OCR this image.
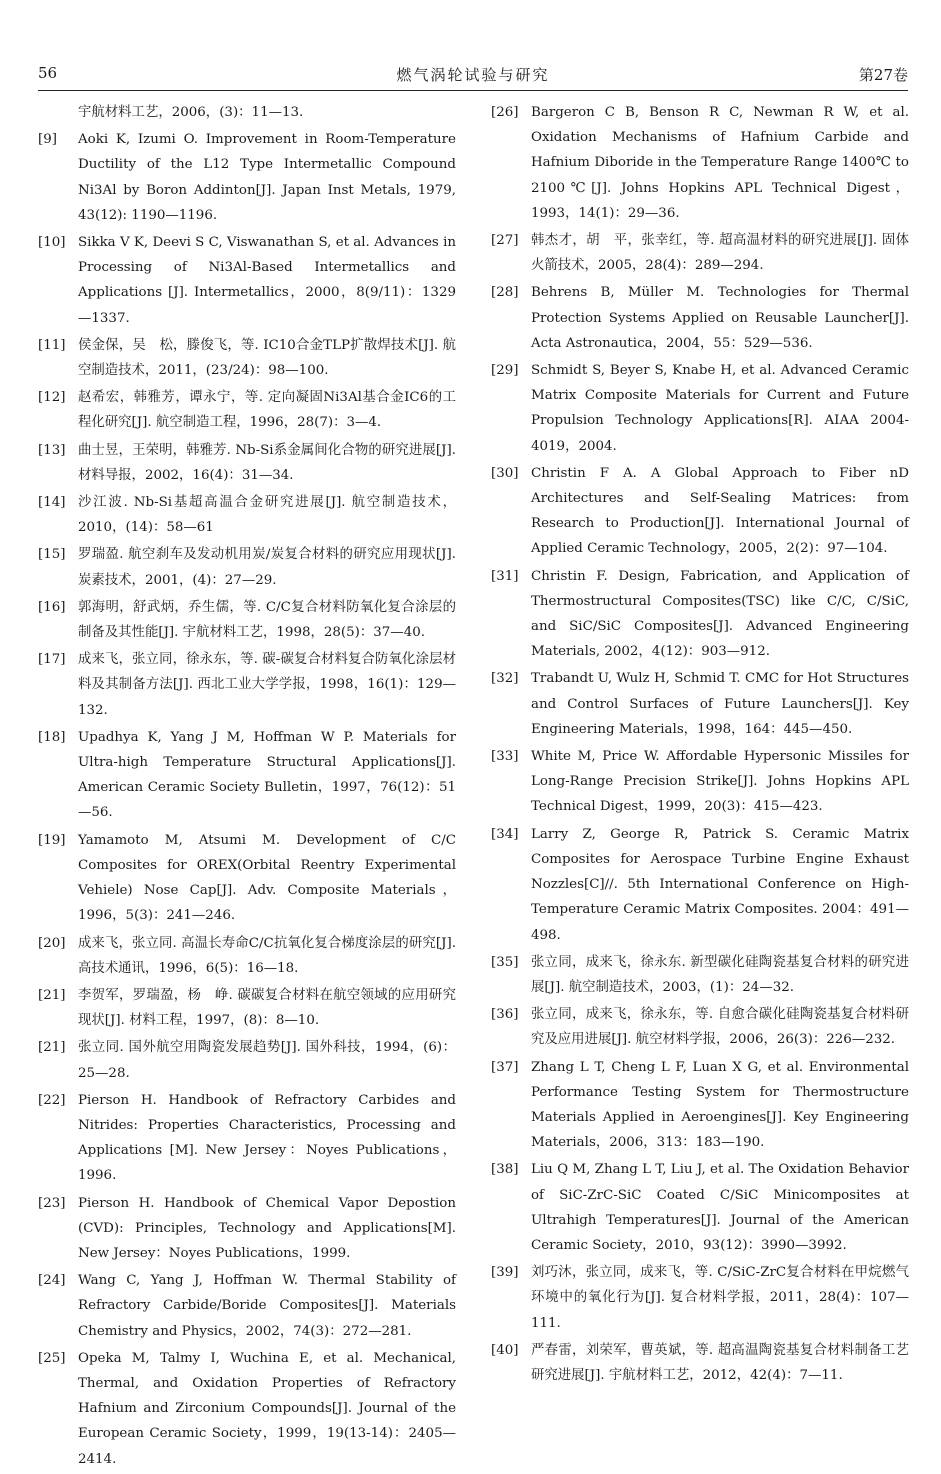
56	燃气涡轮试验与研究	第27卷
宇航材料工艺，2006，(3)：11—13.
[9] Aoki K, Izumi O. Improvement in Room-Temperature Ductility of the L12 Type Intermetallic Compound Ni3Al by Boron Addinton[J]. Japan Inst Metals, 1979, 43(12): 1190—1196.
[10] Sikka V K, Deevi S C, Viswanathan S, et al. Advances in Processing of Ni3Al-Based Intermetallics and Applications [J]. Intermetallics，2000，8(9/11)：1329—1337.
[11] 侯金保，吴　松，滕俊飞，等. IC10合金TLP扩散焊技术[J]. 航空制造技术，2011，(23/24)：98—100.
[12] 赵希宏，韩雅芳，谭永宁，等. 定向凝固Ni3Al基合金IC6的工程化研究[J]. 航空制造工程，1996，28(7)：3—4.
[13] 曲士昱，王荣明，韩雅芳. Nb-Si系金属间化合物的研究进展[J]. 材料导报，2002，16(4)：31—34.
[14] 沙江波. Nb-Si基超高温合金研究进展[J]. 航空制造技术，2010，(14)：58—61
[15] 罗瑞盈. 航空刹车及发动机用炭/炭复合材料的研究应用现状[J]. 炭素技术，2001，(4)：27—29.
[16] 郭海明，舒武炳，乔生儒，等. C/C复合材料防氧化复合涂层的制备及其性能[J]. 宇航材料工艺，1998，28(5)：37—40.
[17] 成来飞，张立同，徐永东，等. 碳-碳复合材料复合防氧化涂层材料及其制备方法[J]. 西北工业大学学报，1998，16(1)：129—132.
[18] Upadhya K, Yang J M, Hoffman W P. Materials for Ultra-high Temperature Structural Applications[J]. American Ceramic Society Bulletin，1997，76(12)：51—56.
[19] Yamamoto M, Atsumi M. Development of C/C Composites for OREX(Orbital Reentry Experimental Vehiele) Nose Cap[J]. Adv. Composite Materials，1996，5(3)：241—246.
[20] 成来飞，张立同. 高温长寿命C/C抗氧化复合梯度涂层的研究[J]. 高技术通讯，1996，6(5)：16—18.
[21] 李贺军，罗瑞盈，杨　峥. 碳碳复合材料在航空领域的应用研究现状[J]. 材料工程，1997，(8)：8—10.
[21] 张立同. 国外航空用陶瓷发展趋势[J]. 国外科技，1994，(6)：25—28.
[22] Pierson H. Handbook of Refractory Carbides and Nitrides: Properties Characteristics, Processing and Applications [M]. New Jersey：Noyes Publications，1996.
[23] Pierson H. Handbook of Chemical Vapor Depostion (CVD): Principles, Technology and Applications[M]. New Jersey：Noyes Publications，1999.
[24] Wang C, Yang J, Hoffman W. Thermal Stability of Refractory Carbide/Boride Composites[J]. Materials Chemistry and Physics，2002，74(3)：272—281.
[25] Opeka M, Talmy I, Wuchina E, et al. Mechanical, Thermal, and Oxidation Properties of Refractory Hafnium and Zirconium Compounds[J]. Journal of the European Ceramic Society，1999，19(13-14)：2405—2414.
[26] Bargeron C B, Benson R C, Newman R W, et al. Oxidation Mechanisms of Hafnium Carbide and Hafnium Diboride in the Temperature Range 1400℃ to 2100℃[J]. Johns Hopkins APL Technical Digest，1993，14(1)：29—36.
[27] 韩杰才，胡　平，张幸红，等. 超高温材料的研究进展[J]. 固体火箭技术，2005，28(4)：289—294.
[28] Behrens B, Müller M. Technologies for Thermal Protection Systems Applied on Reusable Launcher[J]. Acta Astronautica，2004，55：529—536.
[29] Schmidt S, Beyer S, Knabe H, et al. Advanced Ceramic Matrix Composite Materials for Current and Future Propulsion Technology Applications[R]. AIAA 2004-4019，2004.
[30] Christin F A. A Global Approach to Fiber nD Architectures and Self-Sealing Matrices: from Research to Production[J]. International Journal of Applied Ceramic Technology，2005，2(2)：97—104.
[31] Christin F. Design, Fabrication, and Application of Thermostructural Composites(TSC) like C/C, C/SiC, and SiC/SiC Composites[J]. Advanced Engineering Materials, 2002，4(12)：903—912.
[32] Trabandt U, Wulz H, Schmid T. CMC for Hot Structures and Control Surfaces of Future Launchers[J]. Key Engineering Materials，1998，164：445—450.
[33] White M, Price W. Affordable Hypersonic Missiles for Long-Range Precision Strike[J]. Johns Hopkins APL Technical Digest，1999，20(3)：415—423.
[34] Larry Z, George R, Patrick S. Ceramic Matrix Composites for Aerospace Turbine Engine Exhaust Nozzles[C]//. 5th International Conference on High-Temperature Ceramic Matrix Composites. 2004：491—498.
[35] 张立同，成来飞，徐永东. 新型碳化硅陶瓷基复合材料的研究进展[J]. 航空制造技术，2003，(1)：24—32.
[36] 张立同，成来飞，徐永东，等. 自愈合碳化硅陶瓷基复合材料研究及应用进展[J]. 航空材料学报，2006，26(3)：226—232.
[37] Zhang L T, Cheng L F, Luan X G, et al. Environmental Performance Testing System for Thermostructure Materials Applied in Aeroengines[J]. Key Engineering Materials，2006，313：183—190.
[38] Liu Q M, Zhang L T, Liu J, et al. The Oxidation Behavior of SiC-ZrC-SiC Coated C/SiC Minicomposites at Ultrahigh Temperatures[J]. Journal of the American Ceramic Society，2010，93(12)：3990—3992.
[39] 刘巧沐，张立同，成来飞，等. C/SiC-ZrC复合材料在甲烷燃气环境中的氧化行为[J]. 复合材料学报，2011，28(4)：107—111.
[40] 严春雷，刘荣军，曹英斌，等. 超高温陶瓷基复合材料制备工艺研究进展[J]. 宇航材料工艺，2012，42(4)：7—11.
